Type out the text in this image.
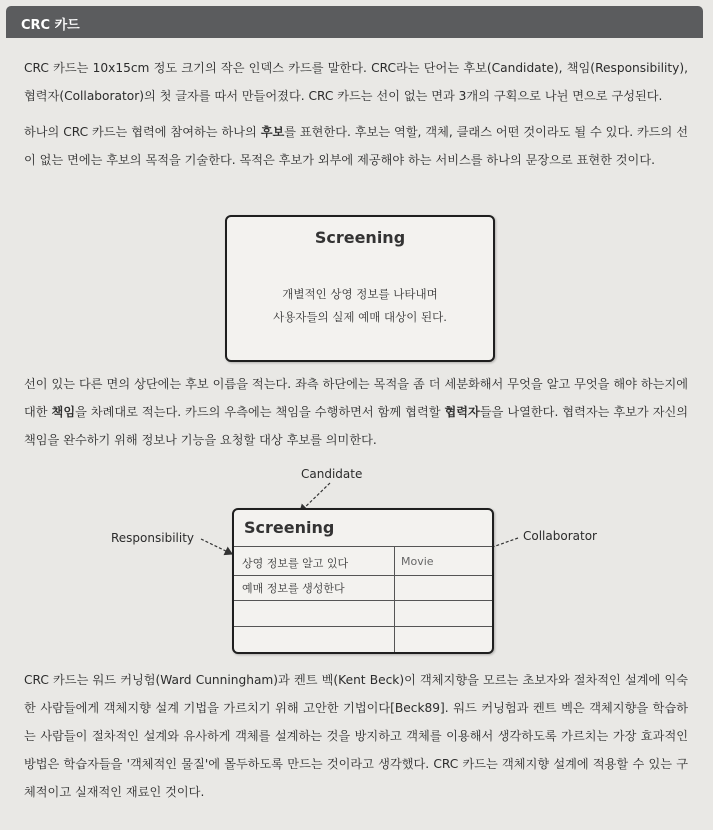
CRC 카드

CRC 카드는 10x15cm 정도 크기의 작은 인덱스 카드를 말한다. CRC라는 단어는 후보(Candidate), 책임(Responsibility), 협력자(Collaborator)의 첫 글자를 따서 만들어졌다. CRC 카드는 선이 없는 면과 3개의 구획으로 나뉜 면으로 구성된다.

하나의 CRC 카드는 협력에 참여하는 하나의 후보를 표현한다. 후보는 역할, 객체, 클래스 어떤 것이라도 될 수 있다. 카드의 선이 없는 면에는 후보의 목적을 기술한다. 목적은 후보가 외부에 제공해야 하는 서비스를 하나의 문장으로 표현한 것이다.

Screening
개별적인 상영 정보를 나타내며
사용자들의 실제 예매 대상이 된다.

선이 있는 다른 면의 상단에는 후보 이름을 적는다. 좌측 하단에는 목적을 좀 더 세분화해서 무엇을 알고 무엇을 해야 하는지에 대한 책임을 차례대로 적는다. 카드의 우측에는 책임을 수행하면서 함께 협력할 협력자들을 나열한다. 협력자는 후보가 자신의 책임을 완수하기 위해 정보나 기능을 요청할 대상 후보를 의미한다.

Candidate
Responsibility	Collaborator
Screening
상영 정보를 알고 있다
예매 정보를 생성한다
Movie

CRC 카드는 워드 커닝험(Ward Cunningham)과 켄트 벡(Kent Beck)이 객체지향을 모르는 초보자와 절차적인 설계에 익숙한 사람들에게 객체지향 설계 기법을 가르치기 위해 고안한 기법이다[Beck89]. 워드 커닝험과 켄트 벡은 객체지향을 학습하는 사람들이 절차적인 설계와 유사하게 객체를 설계하는 것을 방지하고 객체를 이용해서 생각하도록 가르치는 가장 효과적인 방법은 학습자들을 '객체적인 물질'에 몰두하도록 만드는 것이라고 생각했다. CRC 카드는 객체지향 설계에 적용할 수 있는 구체적이고 실재적인 재료인 것이다.
